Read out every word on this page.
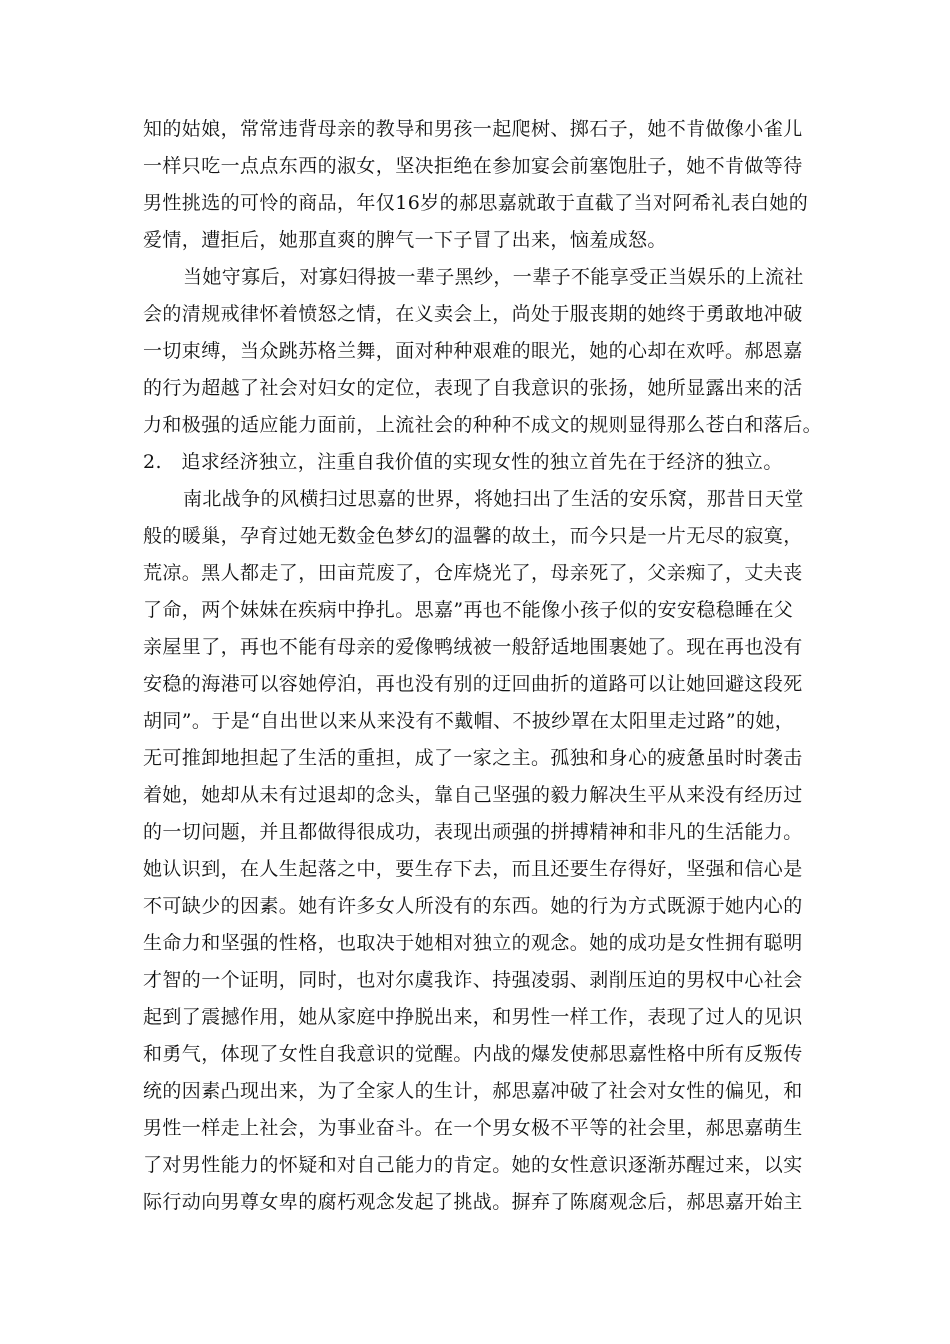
知的姑娘，常常违背母亲的教导和男孩一起爬树、掷石子，她不肯做像小雀儿
一样只吃一点点东西的淑女，坚决拒绝在参加宴会前塞饱肚子，她不肯做等待
男性挑选的可怜的商品，年仅16岁的郝思嘉就敢于直截了当对阿希礼表白她的
爱情，遭拒后，她那直爽的脾气一下子冒了出来，恼羞成怒。
当她守寡后，对寡妇得披一辈子黑纱，一辈子不能享受正当娱乐的上流社
会的清规戒律怀着愤怒之情，在义卖会上，尚处于服丧期的她终于勇敢地冲破
一切束缚，当众跳苏格兰舞，面对种种艰难的眼光，她的心却在欢呼。郝恩嘉
的行为超越了社会对妇女的定位，表现了自我意识的张扬，她所显露出来的活
力和极强的适应能力面前，上流社会的种种不成文的规则显得那么苍白和落后。
2.　追求经济独立，注重自我价值的实现女性的独立首先在于经济的独立。
南北战争的风横扫过思嘉的世界，将她扫出了生活的安乐窝，那昔日天堂
般的暖巢，孕育过她无数金色梦幻的温馨的故土，而今只是一片无尽的寂寞，
荒凉。黑人都走了，田亩荒废了，仓库烧光了，母亲死了，父亲痴了，丈夫丧
了命，两个妹妹在疾病中挣扎。思嘉”再也不能像小孩子似的安安稳稳睡在父
亲屋里了，再也不能有母亲的爱像鸭绒被一般舒适地围裹她了。现在再也没有
安稳的海港可以容她停泊，再也没有别的迂回曲折的道路可以让她回避这段死
胡同”。于是“自出世以来从来没有不戴帽、不披纱罩在太阳里走过路”的她，
无可推卸地担起了生活的重担，成了一家之主。孤独和身心的疲惫虽时时袭击
着她，她却从未有过退却的念头，靠自己坚强的毅力解决生平从来没有经历过
的一切问题，并且都做得很成功，表现出顽强的拼搏精神和非凡的生活能力。
她认识到，在人生起落之中，要生存下去，而且还要生存得好，坚强和信心是
不可缺少的因素。她有许多女人所没有的东西。她的行为方式既源于她内心的
生命力和坚强的性格，也取决于她相对独立的观念。她的成功是女性拥有聪明
才智的一个证明，同时，也对尔虞我诈、持强凌弱、剥削压迫的男权中心社会
起到了震撼作用，她从家庭中挣脱出来，和男性一样工作，表现了过人的见识
和勇气，体现了女性自我意识的觉醒。内战的爆发使郝思嘉性格中所有反叛传
统的因素凸现出来，为了全家人的生计，郝思嘉冲破了社会对女性的偏见，和
男性一样走上社会，为事业奋斗。在一个男女极不平等的社会里，郝思嘉萌生
了对男性能力的怀疑和对自己能力的肯定。她的女性意识逐渐苏醒过来，以实
际行动向男尊女卑的腐朽观念发起了挑战。摒弃了陈腐观念后，郝思嘉开始主
